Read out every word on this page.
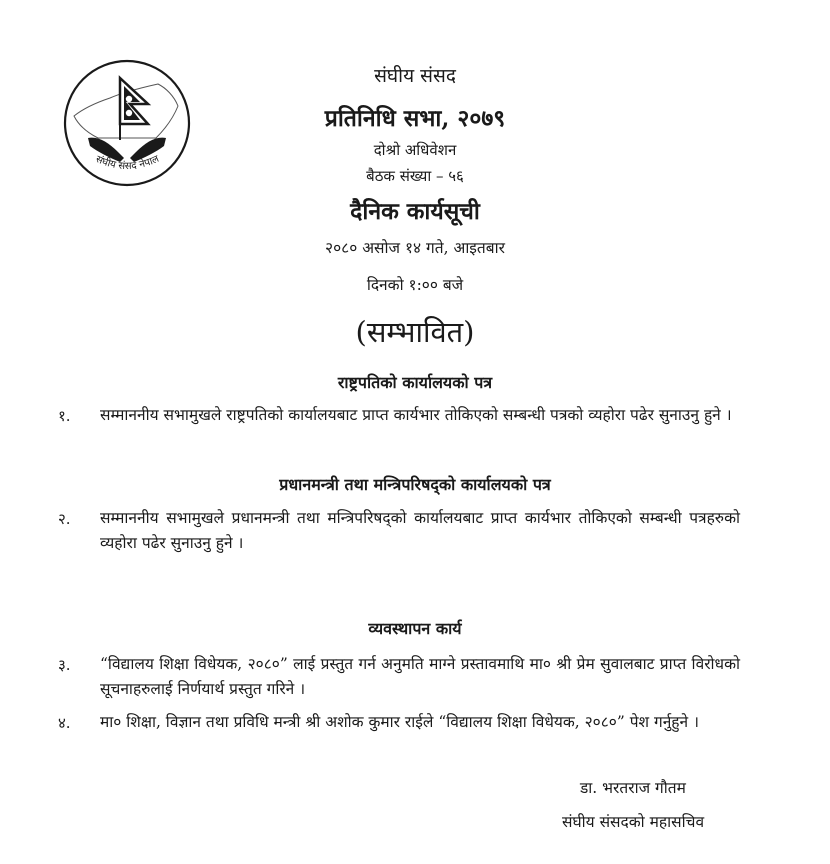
संघीय संसद नेपाल
संघीय संसद
प्रतिनिधि सभा, २०७९
दोश्रो अधिवेशन
बैठक संख्या – ५६
दैनिक कार्यसूची
२०८० असोज १४ गते, आइतबार
दिनको १:०० बजे
(सम्भावित)
राष्ट्रपतिको कार्यालयको पत्र
१. सम्माननीय सभामुखले राष्ट्रपतिको कार्यालयबाट प्राप्त कार्यभार तोकिएको सम्बन्धी पत्रको व्यहोरा पढेर सुनाउनु हुने ।
प्रधानमन्त्री तथा मन्त्रिपरिषद्को कार्यालयको पत्र
२. सम्माननीय सभामुखले प्रधानमन्त्री तथा मन्त्रिपरिषद्को कार्यालयबाट प्राप्त कार्यभार तोकिएको सम्बन्धी पत्रहरुको व्यहोरा पढेर सुनाउनु हुने ।
व्यवस्थापन कार्य
३. “विद्यालय शिक्षा विधेयक, २०८०” लाई प्रस्तुत गर्न अनुमति माग्ने प्रस्तावमाथि मा० श्री प्रेम सुवालबाट प्राप्त विरोधको सूचनाहरुलाई निर्णयार्थ प्रस्तुत गरिने ।
४. मा० शिक्षा, विज्ञान तथा प्रविधि मन्त्री श्री अशोक कुमार राईले “विद्यालय शिक्षा विधेयक, २०८०” पेश गर्नुहुने ।
डा. भरतराज गौतम
संघीय संसदको महासचिव
